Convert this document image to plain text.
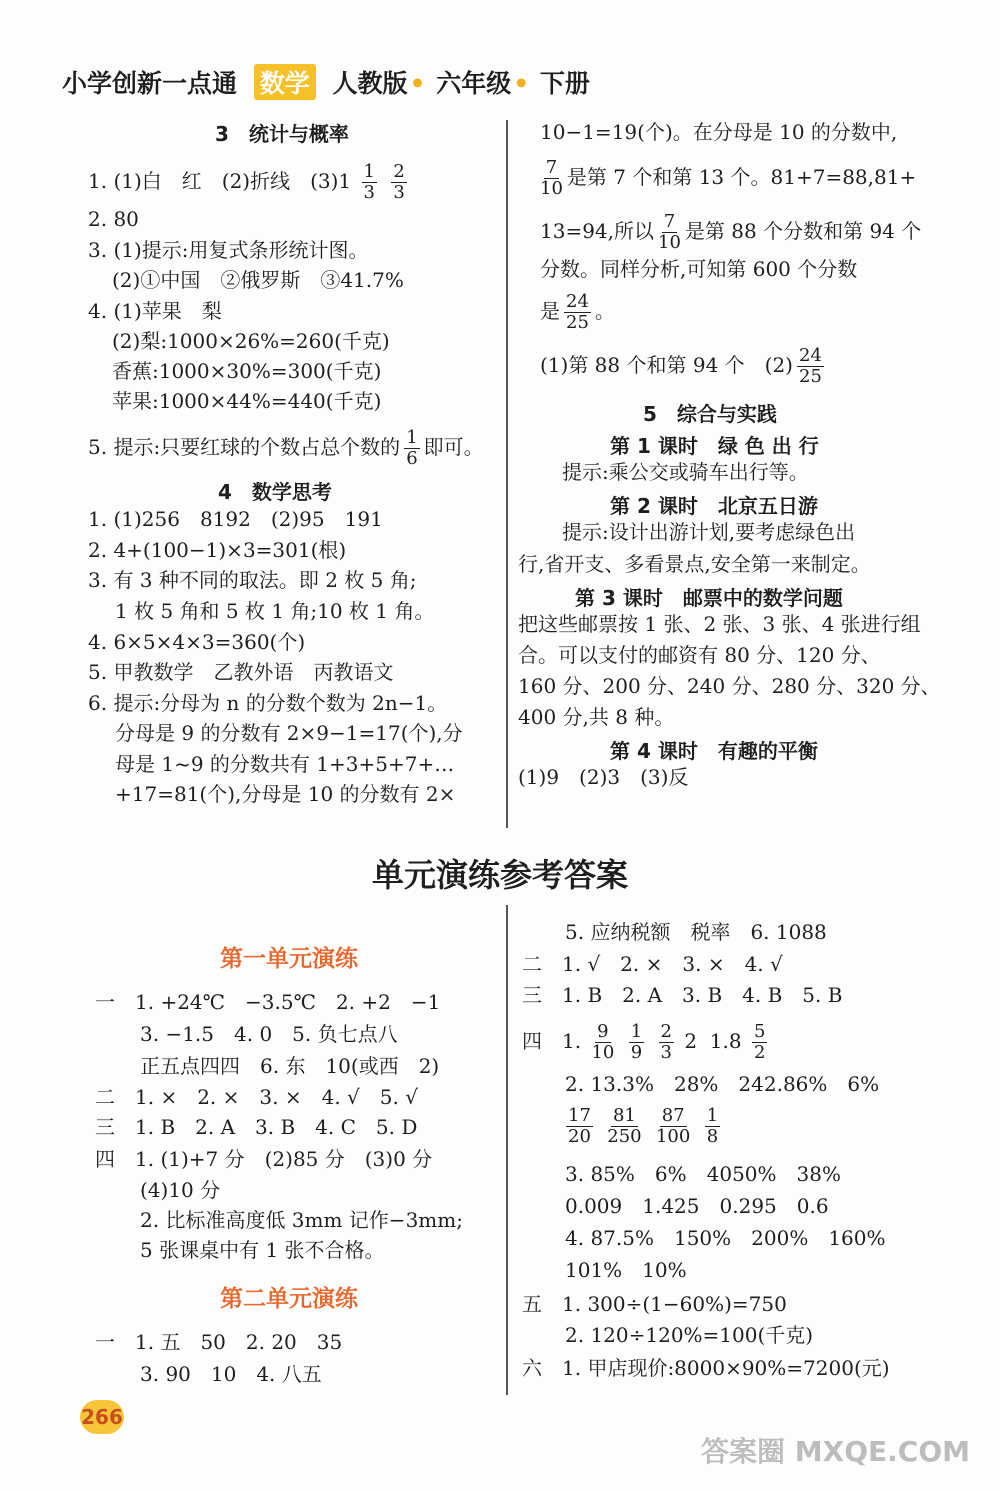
小学创新一点通 数学 人教版• 六年级• 下册
3　统计与概率
1. (1)白　红　(2)折线　$(3)1 \frac{1}{3}$
$\frac{2}{3}$
2. 80
3. (1)提示:用复式条形统计图。
(2)①中国　②俄罗斯　③41.7%
4. (1)苹果　梨
(2)梨:1000×26%=260(千克)
香蕉:1000×30%=300(千克)
苹果:1000×44%=440(千克)
5. 提示:只要红球的个数占总个数的 $\frac{1}{6}$ 即可。
4　数学思考
1. (1)256　8192　(2)95　191
2. 4+(100−1)×3=301(根)
3. 有 3 种不同的取法。即 2 枚 5 角;
1 枚 5 角和 5 枚 1 角;10 枚 1 角。
4. 6×5×4×3=360(个)
5. 甲教数学　乙教外语　丙教语文
6. 提示:分母为 n 的分数个数为 2n−1。
分母是 9 的分数有 2×9−1=17(个),分
母是 1~9 的分数共有 1+3+5+7+…
+17=81(个),分母是 10 的分数有 2×
10−1=19(个)。在分母是 10 的分数中,
$\frac{7}{10}$ 是第 7 个和第 13 个。81+7=88,81+
13=94,所以 $\frac{7}{10}$ 是第 88 个分数和第 94 个
分数。同样分析,可知第 600 个分数
是 $\frac{24}{25}$ 。
(1)第 88 个和第 94 个　$(2) \frac{24}{25}$
5　综合与实践
第 1 课时　绿 色 出 行
提示:乘公交或骑车出行等。
第 2 课时　北京五日游
提示:设计出游计划,要考虑绿色出
行,省开支、多看景点,安全第一来制定。
第 3 课时　邮票中的数学问题
把这些邮票按 1 张、2 张、3 张、4 张进行组
合。可以支付的邮资有 80 分、120 分、
160 分、200 分、240 分、280 分、320 分、
400 分,共 8 种。
第 4 课时　有趣的平衡
(1)9　(2)3　(3)反
单元演练参考答案
第一单元演练
一　1. +24℃　−3.5℃　2. +2　−1
3. −1.5　4. 0　5. 负七点八
正五点四四　6. 东　10(或西　2)
二　1. ×　2. ×　3. ×　4. √　5. √
三　1. B　2. A　3. B　4. C　5. D
四　1. (1)+7 分　(2)85 分　(3)0 分
(4)10 分
2. 比标准高度低 3mm 记作−3mm;
5 张课桌中有 1 张不合格。
第二单元演练
一　1. 五　50　2. 20　35
3. 90　10　4. 八五
5. 应纳税额　税率　6. 1088
二　1. √　2. ×　3. ×　4. √
三　1. B　2. A　3. B　4. B　5. B
四　1. $\frac{9}{10}$
$\frac{1}{9}$
$\frac{2}{3} 2$ $1.8 \frac{5}{2}$
2. 13.3%　28%　242.86%　6%
$\frac{17}{20}$
$\frac{81}{250}$
$\frac{87}{100}$
$\frac{1}{8}$
3. 85%　6%　4050%　38%
0.009　1.425　0.295　0.6
4. 87.5%　150%　200%　160%
101%　10%
五　1. 300÷(1−60%)=750
2. 120÷120%=100(千克)
六　1. 甲店现价:8000×90%=7200(元)
266
答案圈 MXQE.COM
